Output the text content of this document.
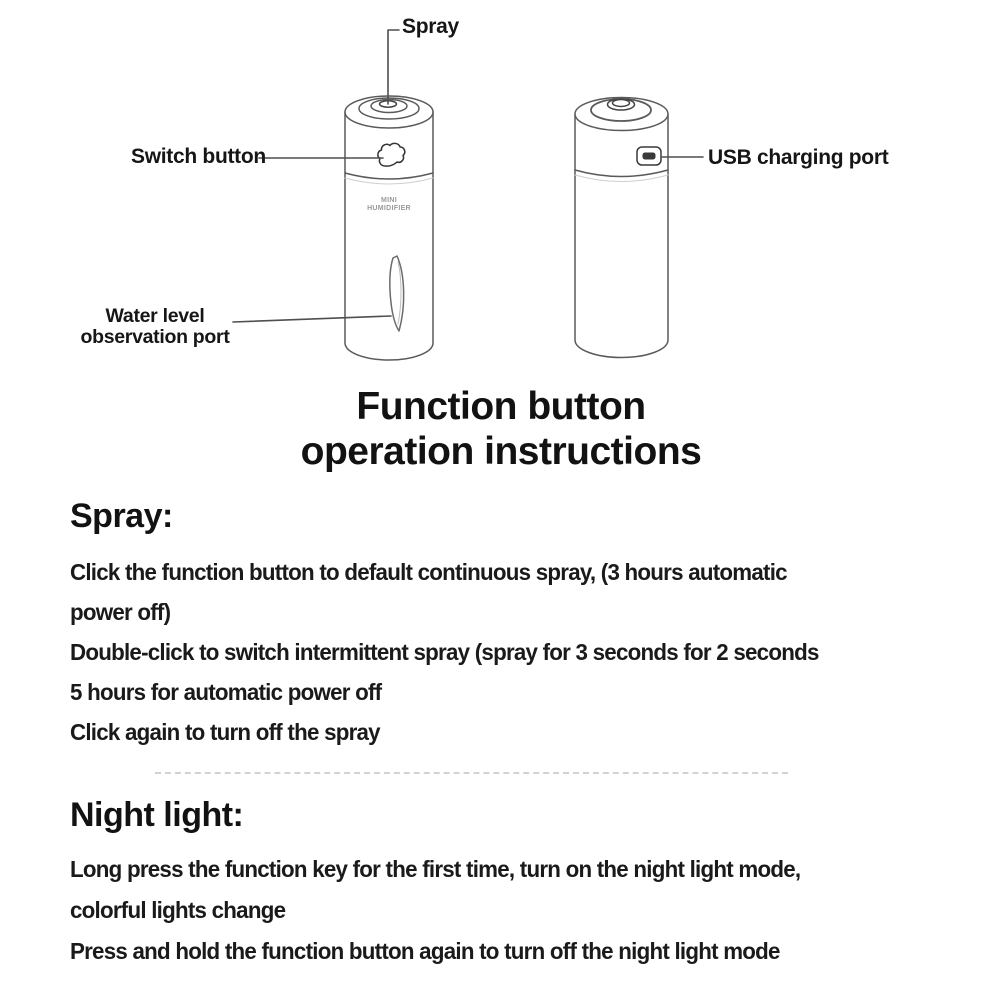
Spray
Switch button	USB charging port
Water level
observation port
MINI
HUMIDIFIER
Function button
operation instructions
Spray:
Click the function button to default continuous spray, (3 hours automatic
power off)
Double-click to switch intermittent spray (spray for 3 seconds for 2 seconds
5 hours for automatic power off
Click again to turn off the spray
Night light:
Long press the function key for the first time, turn on the night light mode,
colorful lights change
Press and hold the function button again to turn off the night light mode
